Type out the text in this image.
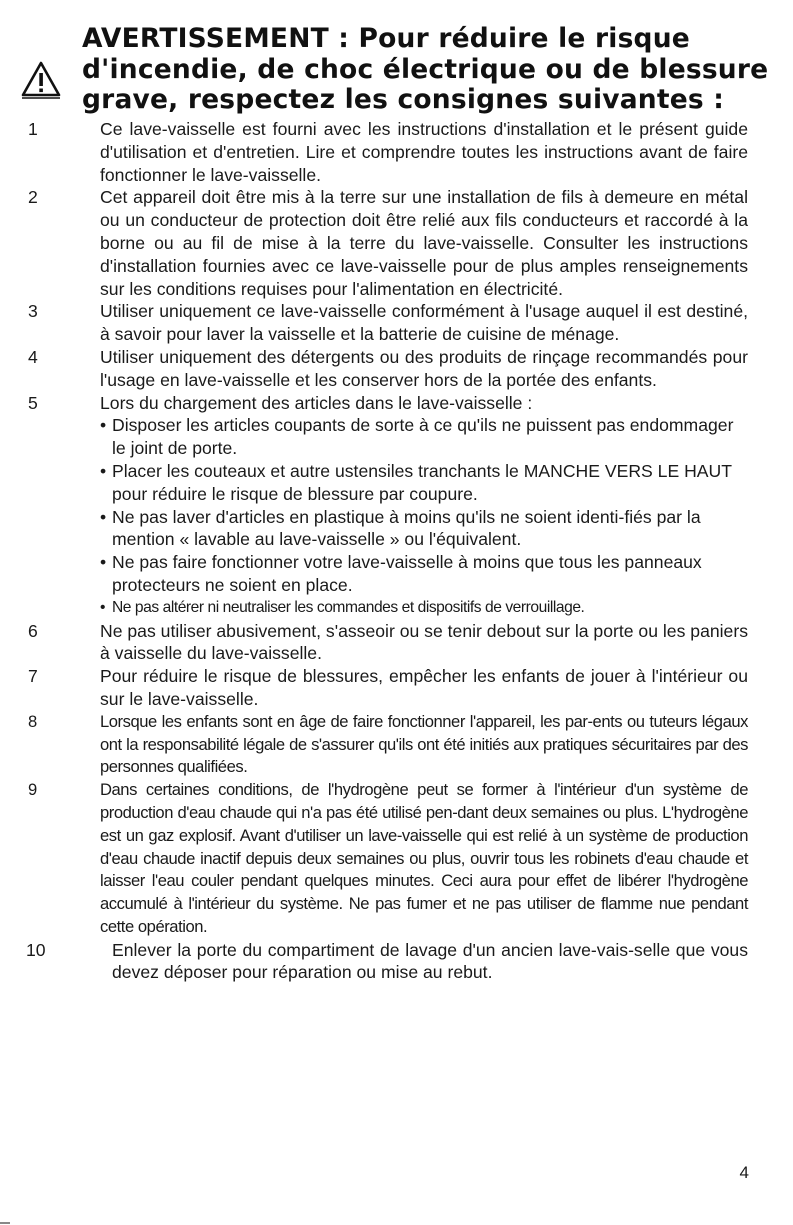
AVERTISSEMENT : Pour réduire le risque
d'incendie, de choc électrique ou de blessure
grave, respectez les consignes suivantes :
1	Ce lave-vaisselle est fourni avec les instructions d'installation et le présent guide d'utilisation et d'entretien. Lire et comprendre toutes les instructions avant de faire fonctionner le lave-vaisselle.
2	Cet appareil doit être mis à la terre sur une installation de fils à demeure en métal ou un conducteur de protection doit être relié aux fils conducteurs et raccordé à la borne ou au fil de mise à la terre du lave-vaisselle. Consulter les instructions d'installation fournies avec ce lave-vaisselle pour de plus amples renseignements sur les conditions requises pour l'alimentation en électricité.
3	Utiliser uniquement ce lave-vaisselle conformément à l'usage auquel il est destiné, à savoir pour laver la vaisselle et la batterie de cuisine de ménage.
4	Utiliser uniquement des détergents ou des produits de rinçage recommandés pour l'usage en lave-vaisselle et les conserver hors de la portée des enfants.
5	Lors du chargement des articles dans le lave-vaisselle :
• Disposer les articles coupants de sorte à ce qu'ils ne puissent pas endommager le joint de porte.
• Placer les couteaux et autre ustensiles tranchants le MANCHE VERS LE HAUT pour réduire le risque de blessure par coupure.
• Ne pas laver d'articles en plastique à moins qu'ils ne soient identi-fiés par la mention « lavable au lave-vaisselle » ou l'équivalent.
• Ne pas faire fonctionner votre lave-vaisselle à moins que tous les panneaux protecteurs ne soient en place.
• Ne pas altérer ni neutraliser les commandes et dispositifs de verrouillage.
6	Ne pas utiliser abusivement, s'asseoir ou se tenir debout sur la porte ou les paniers à vaisselle du lave-vaisselle.
7	Pour réduire le risque de blessures, empêcher les enfants de jouer à l'intérieur ou sur le lave-vaisselle.
8	Lorsque les enfants sont en âge de faire fonctionner l'appareil, les par-ents ou tuteurs légaux ont la responsabilité légale de s'assurer qu'ils ont été initiés aux pratiques sécuritaires par des personnes qualifiées.
9	Dans certaines conditions, de l'hydrogène peut se former à l'intérieur d'un système de production d'eau chaude qui n'a pas été utilisé pen-dant deux semaines ou plus. L'hydrogène est un gaz explosif. Avant d'utiliser un lave-vaisselle qui est relié à un système de production d'eau chaude inactif depuis deux semaines ou plus, ouvrir tous les robinets d'eau chaude et laisser l'eau couler pendant quelques minutes. Ceci aura pour effet de libérer l'hydrogène accumulé à l'intérieur du système. Ne pas fumer et ne pas utiliser de flamme nue pendant cette opération.
10	Enlever la porte du compartiment de lavage d'un ancien lave-vais-selle que vous devez déposer pour réparation ou mise au rebut.
4
